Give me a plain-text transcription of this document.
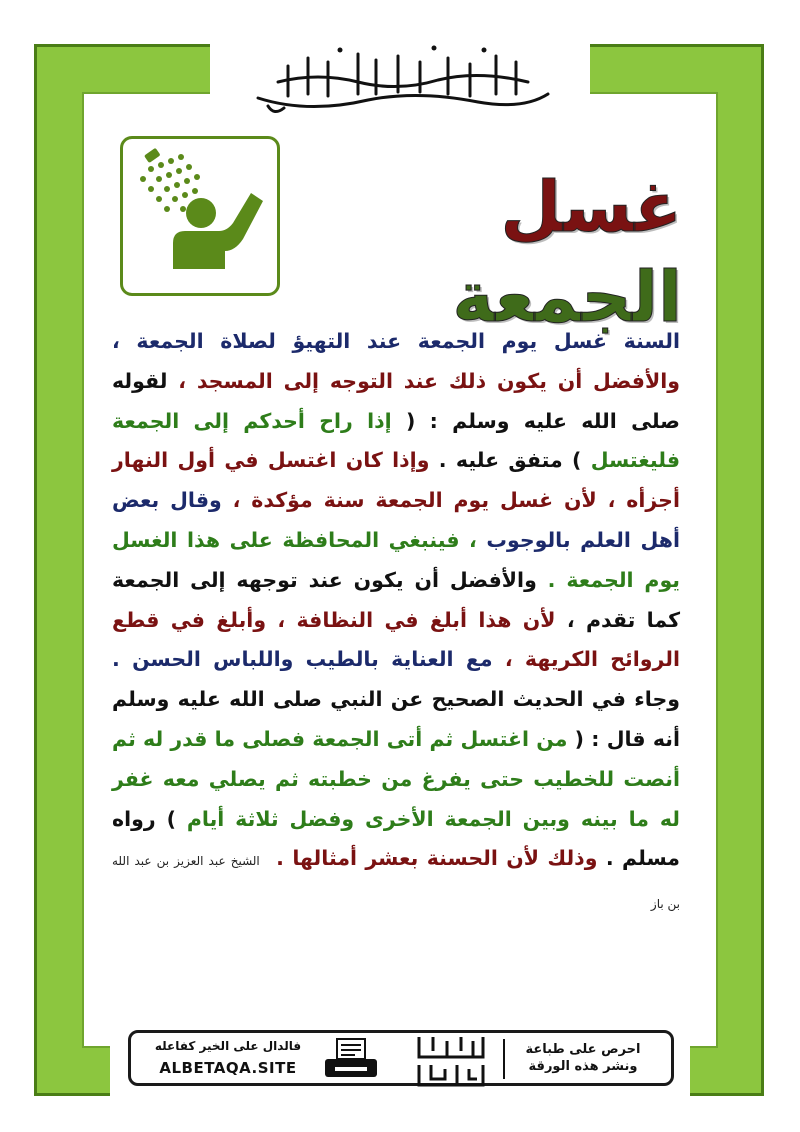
غسل الجمعة
السنة غسل يوم الجمعة عند التهيؤ لصلاة الجمعة ، والأفضل أن يكون ذلك عند التوجه إلى المسجد ، لقوله صلى الله عليه وسلم : ( إذا راح أحدكم إلى الجمعة فليغتسل ) متفق عليه . وإذا كان اغتسل في أول النهار أجزأه ، لأن غسل يوم الجمعة سنة مؤكدة ، وقال بعض أهل العلم بالوجوب ، فينبغي المحافظة على هذا الغسل يوم الجمعة . والأفضل أن يكون عند توجهه إلى الجمعة كما تقدم ، لأن هذا أبلغ في النظافة ، وأبلغ في قطع الروائح الكريهة ، مع العناية بالطيب واللباس الحسن . وجاء في الحديث الصحيح عن النبي صلى الله عليه وسلم أنه قال : ( من اغتسل ثم أتى الجمعة فصلى ما قدر له ثم أنصت للخطيب حتى يفرغ من خطبته ثم يصلي معه غفر له ما بينه وبين الجمعة الأخرى وفضل ثلاثة أيام ) رواه مسلم . وذلك لأن الحسنة بعشر أمثالها . الشيخ عبد العزيز بن عبد الله بن باز
احرص على طباعة
ونشر هذه الورقة
الدعوة
الورقة
فالدال على الخير كفاعله
ALBETAQA.SITE
